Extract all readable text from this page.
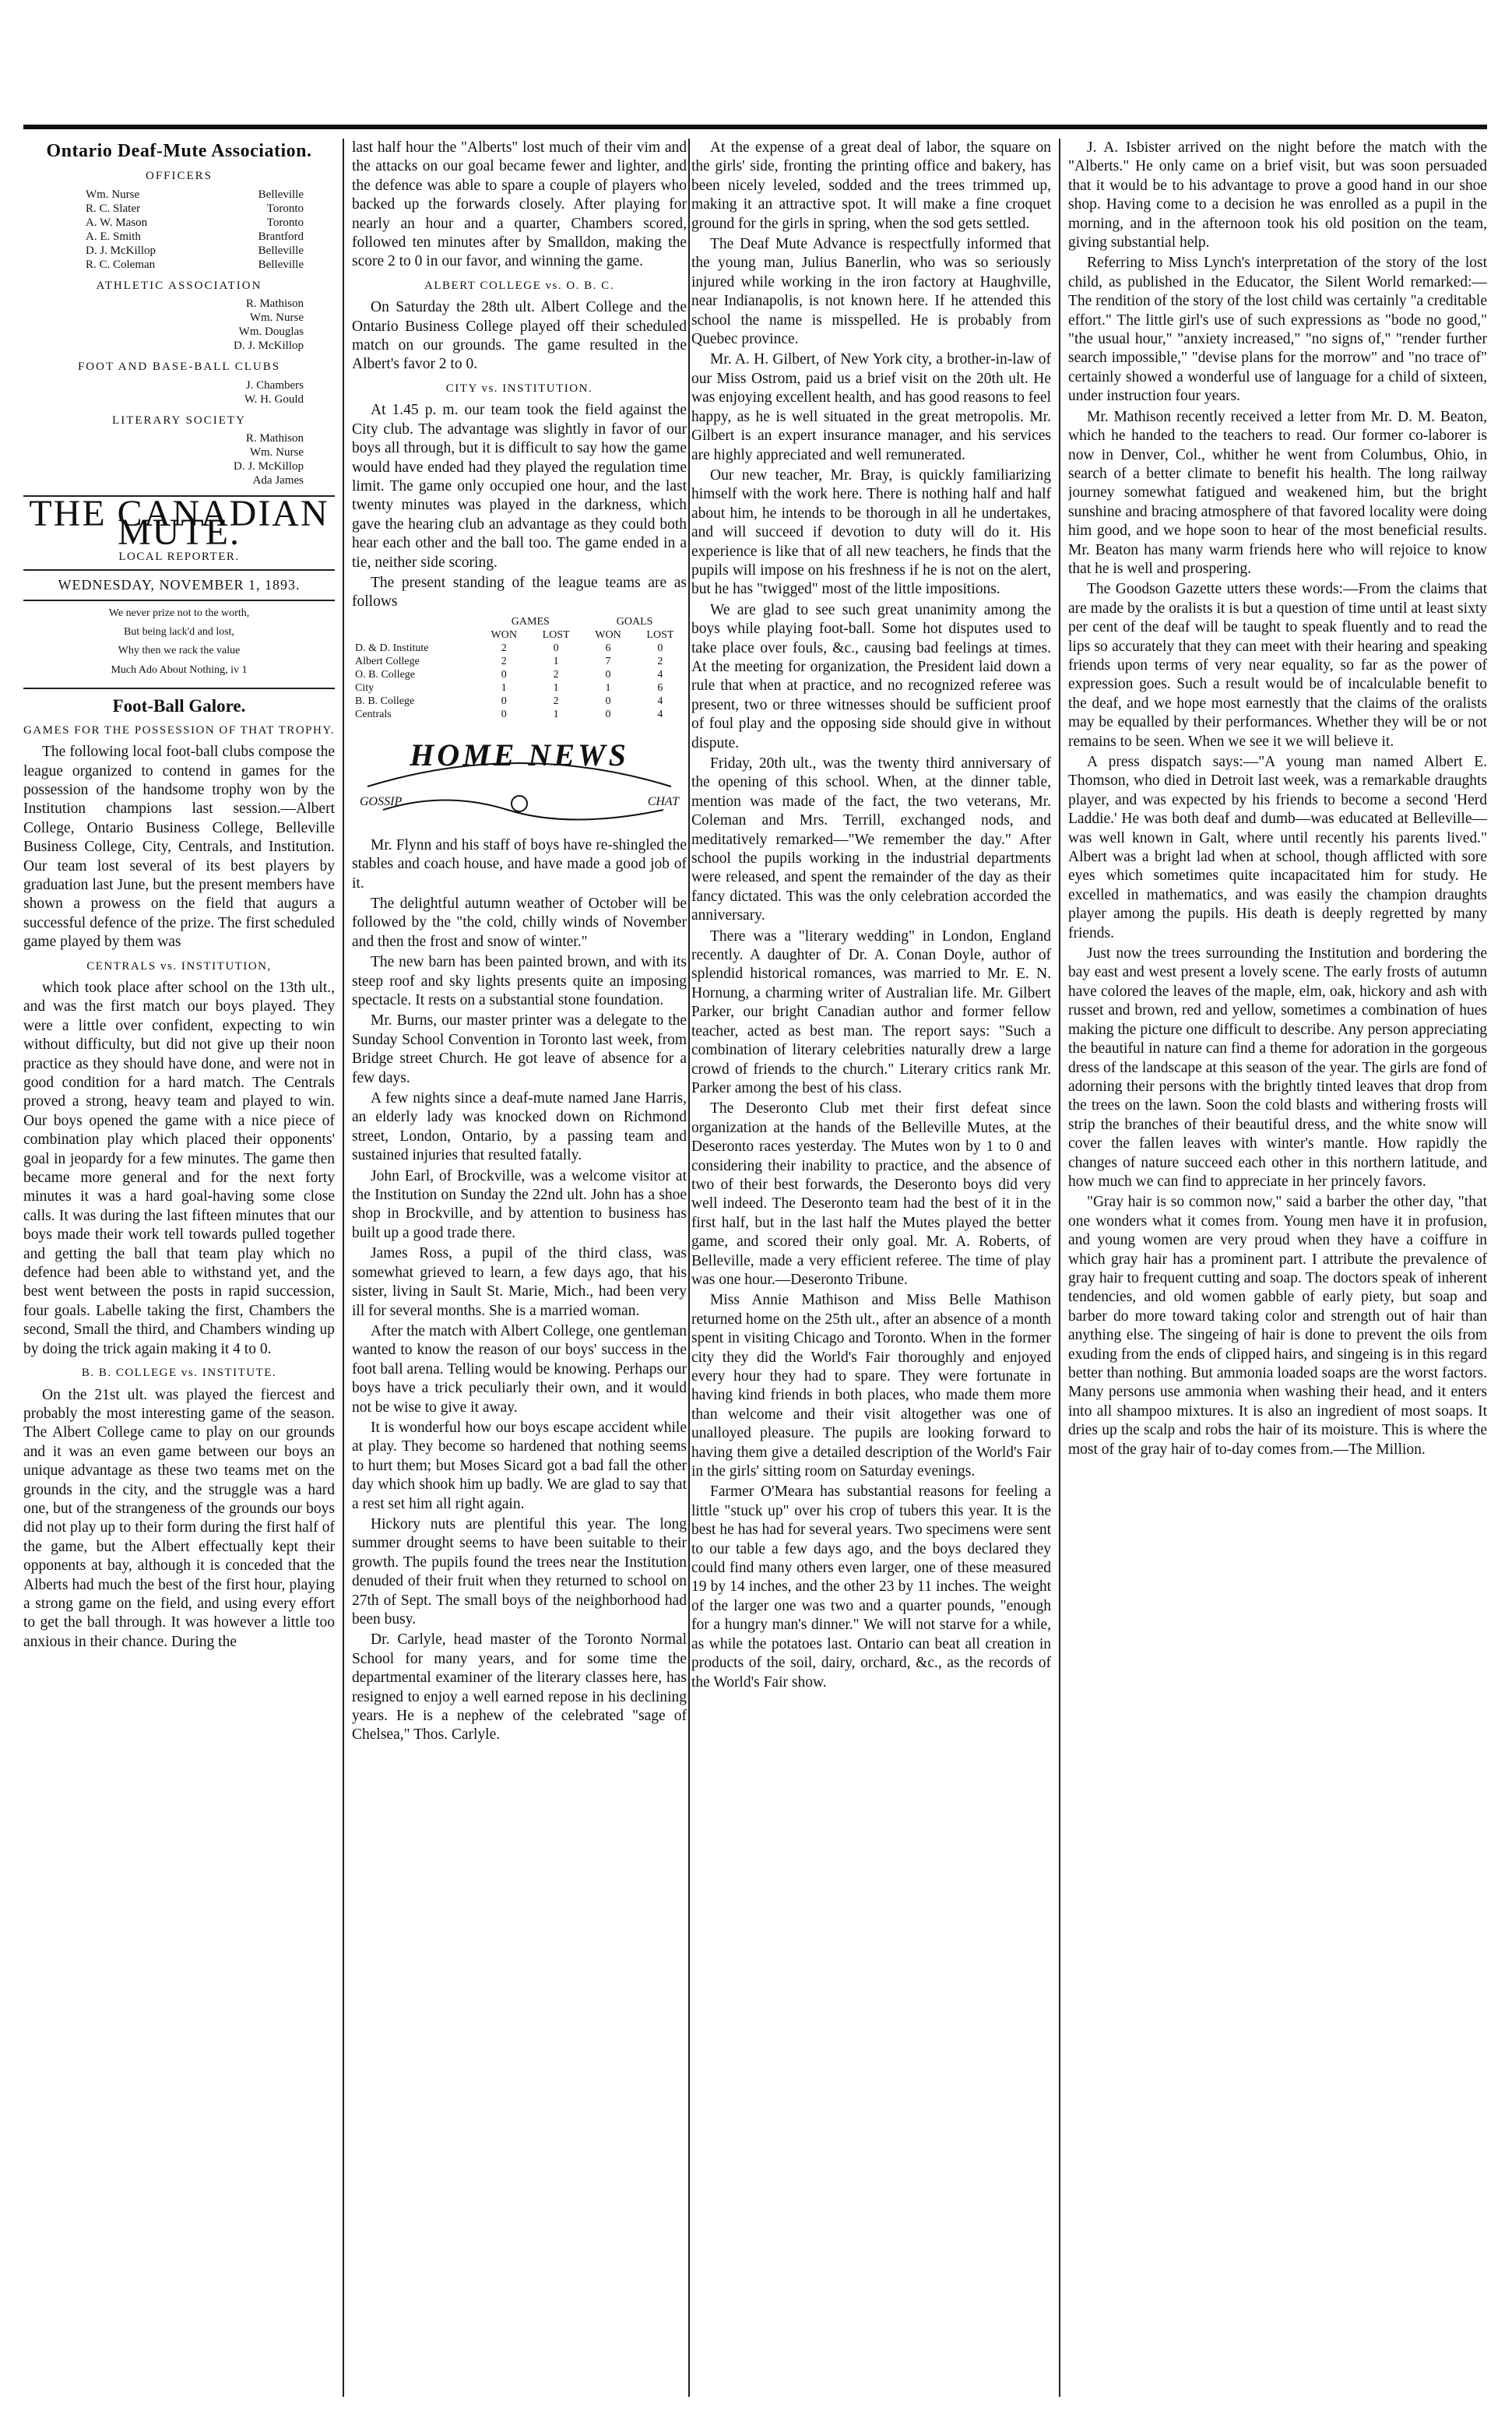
Ontario Deaf-Mute Association.
OFFICERS
Wm. Nurse	Belleville
R. C. Slater	Toronto
A. W. Mason	Toronto
A. E. Smith	Brantford
D. J. McKillop	Belleville
R. C. Coleman	Belleville
ATHLETIC ASSOCIATION
R. Mathison
Wm. Nurse
Wm. Douglas
D. J. McKillop
FOOT AND BASE-BALL CLUBS
J. Chambers
W. H. Gould
LITERARY SOCIETY
R. Mathison
Wm. Nurse
D. J. McKillop
Ada James
THE CANADIAN MUTE.
LOCAL REPORTER.
WEDNESDAY, NOVEMBER 1, 1893.
We never prize not to the worth,
But being lack'd and lost,
Why then we rack the value
Much Ado About Nothing, iv 1
Foot-Ball Galore.
GAMES FOR THE POSSESSION OF THAT TROPHY.

The following local foot-ball clubs compose the league organized to contend in games for the possession of the handsome trophy won by the Institution champions last session.—Albert College, Ontario Business College, Belleville Business College, City, Centrals, and Institution. Our team lost several of its best players by graduation last June, but the present members have shown a prowess on the field that augurs a successful defence of the prize. The first scheduled game played by them was

CENTRALS vs. INSTITUTION,

which took place after school on the 13th ult., and was the first match our boys played. They were a little over confident, expecting to win without difficulty, but did not give up their noon practice as they should have done, and were not in good condition for a hard match. The Centrals proved a strong, heavy team and played to win. Our boys opened the game with a nice piece of combination play which placed their opponents' goal in jeopardy for a few minutes. The game then became more general and for the next forty minutes it was a hard goal-having some close calls. It was during the last fifteen minutes that our boys made their work tell towards pulled together and getting the ball that team play which no defence had been able to withstand yet, and the best went between the posts in rapid succession, four goals. Labelle taking the first, Chambers the second, Small the third, and Chambers winding up by doing the trick again making it 4 to 0.

B. B. COLLEGE vs. INSTITUTE.

On the 21st ult. was played the fiercest and probably the most interesting game of the season. The Albert College came to play on our grounds and it was an even game between our boys an unique advantage as these two teams met on the grounds in the city, and the struggle was a hard one, but of the strangeness of the grounds our boys did not play up to their form during the first half of the game, but the Albert effectually kept their opponents at bay, although it is conceded that the Alberts had much the best of the first hour, playing a strong game on the field, and using every effort to get the ball through. It was however a little too anxious in their chance. During the

last half hour the "Alberts" lost much of their vim and the attacks on our goal became fewer and lighter, and the defence was able to spare a couple of players who backed up the forwards closely. After playing for nearly an hour and a quarter, Chambers scored, followed ten minutes after by Smalldon, making the score 2 to 0 in our favor, and winning the game.

ALBERT COLLEGE vs. O. B. C.

On Saturday the 28th ult. Albert College and the Ontario Business College played off their scheduled match on our grounds. The game resulted in the Albert's favor 2 to 0.

CITY vs. INSTITUTION.

At 1.45 p. m. our team took the field against the City club. The advantage was slightly in favor of our boys all through, but it is difficult to say how the game would have ended had they played the regulation time limit. The game only occupied one hour, and the last twenty minutes was played in the darkness, which gave the hearing club an advantage as they could both hear each other and the ball too. The game ended in a tie, neither side scoring.

The present standing of the league teams are as follows

	GAMES		GOALS	
	WON	LOST	WON	LOST
D. & D. Institute	2	0	6	0
Albert College	2	1	7	2
O. B. College	0	2	0	4
City	1	1	1	6
B. B. College	0	2	0	4
Centrals	0	1	0	4
HOME NEWS
GOSSIP	CHAT

Mr. Flynn and his staff of boys have re-shingled the stables and coach house, and have made a good job of it.

The delightful autumn weather of October will be followed by the "the cold, chilly winds of November and then the frost and snow of winter."

The new barn has been painted brown, and with its steep roof and sky lights presents quite an imposing spectacle. It rests on a substantial stone foundation.

Mr. Burns, our master printer was a delegate to the Sunday School Convention in Toronto last week, from Bridge street Church. He got leave of absence for a few days.

A few nights since a deaf-mute named Jane Harris, an elderly lady was knocked down on Richmond street, London, Ontario, by a passing team and sustained injuries that resulted fatally.

John Earl, of Brockville, was a welcome visitor at the Institution on Sunday the 22nd ult. John has a shoe shop in Brockville, and by attention to business has built up a good trade there.

James Ross, a pupil of the third class, was somewhat grieved to learn, a few days ago, that his sister, living in Sault St. Marie, Mich., had been very ill for several months. She is a married woman.

After the match with Albert College, one gentleman wanted to know the reason of our boys' success in the foot ball arena. Telling would be knowing. Perhaps our boys have a trick peculiarly their own, and it would not be wise to give it away.

It is wonderful how our boys escape accident while at play. They become so hardened that nothing seems to hurt them; but Moses Sicard got a bad fall the other day which shook him up badly. We are glad to say that a rest set him all right again.

Hickory nuts are plentiful this year. The long summer drought seems to have been suitable to their growth. The pupils found the trees near the Institution denuded of their fruit when they returned to school on 27th of Sept. The small boys of the neighborhood had been busy.

Dr. Carlyle, head master of the Toronto Normal School for many years, and for some time the departmental examiner of the literary classes here, has resigned to enjoy a well earned repose in his declining years. He is a nephew of the celebrated "sage of Chelsea," Thos. Carlyle.

At the expense of a great deal of labor, the square on the girls' side, fronting the printing office and bakery, has been nicely leveled, sodded and the trees trimmed up, making it an attractive spot. It will make a fine croquet ground for the girls in spring, when the sod gets settled.

The Deaf Mute Advance is respectfully informed that the young man, Julius Banerlin, who was so seriously injured while working in the iron factory at Haughville, near Indianapolis, is not known here. If he attended this school the name is misspelled. He is probably from Quebec province.

Mr. A. H. Gilbert, of New York city, a brother-in-law of our Miss Ostrom, paid us a brief visit on the 20th ult. He was enjoying excellent health, and has good reasons to feel happy, as he is well situated in the great metropolis. Mr. Gilbert is an expert insurance manager, and his services are highly appreciated and well remunerated.

Our new teacher, Mr. Bray, is quickly familiarizing himself with the work here. There is nothing half and half about him, he intends to be thorough in all he undertakes, and will succeed if devotion to duty will do it. His experience is like that of all new teachers, he finds that the pupils will impose on his freshness if he is not on the alert, but he has "twigged" most of the little impositions.

We are glad to see such great unanimity among the boys while playing foot-ball. Some hot disputes used to take place over fouls, &c., causing bad feelings at times. At the meeting for organization, the President laid down a rule that when at practice, and no recognized referee was present, two or three witnesses should be sufficient proof of foul play and the opposing side should give in without dispute.

Friday, 20th ult., was the twenty third anniversary of the opening of this school. When, at the dinner table, mention was made of the fact, the two veterans, Mr. Coleman and Mrs. Terrill, exchanged nods, and meditatively remarked—"We remember the day." After school the pupils working in the industrial departments were released, and spent the remainder of the day as their fancy dictated. This was the only celebration accorded the anniversary.

There was a "literary wedding" in London, England recently. A daughter of Dr. A. Conan Doyle, author of splendid historical romances, was married to Mr. E. N. Hornung, a charming writer of Australian life. Mr. Gilbert Parker, our bright Canadian author and former fellow teacher, acted as best man. The report says: "Such a combination of literary celebrities naturally drew a large crowd of friends to the church." Literary critics rank Mr. Parker among the best of his class.

The Deseronto Club met their first defeat since organization at the hands of the Belleville Mutes, at the Deseronto races yesterday. The Mutes won by 1 to 0 and considering their inability to practice, and the absence of two of their best forwards, the Deseronto boys did very well indeed. The Deseronto team had the best of it in the first half, but in the last half the Mutes played the better game, and scored their only goal. Mr. A. Roberts, of Belleville, made a very efficient referee. The time of play was one hour.—Deseronto Tribune.

Miss Annie Mathison and Miss Belle Mathison returned home on the 25th ult., after an absence of a month spent in visiting Chicago and Toronto. When in the former city they did the World's Fair thoroughly and enjoyed every hour they had to spare. They were fortunate in having kind friends in both places, who made them more than welcome and their visit altogether was one of unalloyed pleasure. The pupils are looking forward to having them give a detailed description of the World's Fair in the girls' sitting room on Saturday evenings.

Farmer O'Meara has substantial reasons for feeling a little "stuck up" over his crop of tubers this year. It is the best he has had for several years. Two specimens were sent to our table a few days ago, and the boys declared they could find many others even larger, one of these measured 19 by 14 inches, and the other 23 by 11 inches. The weight of the larger one was two and a quarter pounds, "enough for a hungry man's dinner." We will not starve for a while, as while the potatoes last. Ontario can beat all creation in products of the soil, dairy, orchard, &c., as the records of the World's Fair show.

J. A. Isbister arrived on the night before the match with the "Alberts." He only came on a brief visit, but was soon persuaded that it would be to his advantage to prove a good hand in our shoe shop. Having come to a decision he was enrolled as a pupil in the morning, and in the afternoon took his old position on the team, giving substantial help.

Referring to Miss Lynch's interpretation of the story of the lost child, as published in the Educator, the Silent World remarked:—The rendition of the story of the lost child was certainly "a creditable effort." The little girl's use of such expressions as "bode no good," "the usual hour," "anxiety increased," "no signs of," "render further search impossible," "devise plans for the morrow" and "no trace of" certainly showed a wonderful use of language for a child of sixteen, under instruction four years.

Mr. Mathison recently received a letter from Mr. D. M. Beaton, which he handed to the teachers to read. Our former co-laborer is now in Denver, Col., whither he went from Columbus, Ohio, in search of a better climate to benefit his health. The long railway journey somewhat fatigued and weakened him, but the bright sunshine and bracing atmosphere of that favored locality were doing him good, and we hope soon to hear of the most beneficial results. Mr. Beaton has many warm friends here who will rejoice to know that he is well and prospering.

The Goodson Gazette utters these words:—From the claims that are made by the oralists it is but a question of time until at least sixty per cent of the deaf will be taught to speak fluently and to read the lips so accurately that they can meet with their hearing and speaking friends upon terms of very near equality, so far as the power of expression goes. Such a result would be of incalculable benefit to the deaf, and we hope most earnestly that the claims of the oralists may be equalled by their performances. Whether they will be or not remains to be seen. When we see it we will believe it.

A press dispatch says:—"A young man named Albert E. Thomson, who died in Detroit last week, was a remarkable draughts player, and was expected by his friends to become a second 'Herd Laddie.' He was both deaf and dumb—was educated at Belleville—was well known in Galt, where until recently his parents lived." Albert was a bright lad when at school, though afflicted with sore eyes which sometimes quite incapacitated him for study. He excelled in mathematics, and was easily the champion draughts player among the pupils. His death is deeply regretted by many friends.

Just now the trees surrounding the Institution and bordering the bay east and west present a lovely scene. The early frosts of autumn have colored the leaves of the maple, elm, oak, hickory and ash with russet and brown, red and yellow, sometimes a combination of hues making the picture one difficult to describe. Any person appreciating the beautiful in nature can find a theme for adoration in the gorgeous dress of the landscape at this season of the year. The girls are fond of adorning their persons with the brightly tinted leaves that drop from the trees on the lawn. Soon the cold blasts and withering frosts will strip the branches of their beautiful dress, and the white snow will cover the fallen leaves with winter's mantle. How rapidly the changes of nature succeed each other in this northern latitude, and how much we can find to appreciate in her princely favors.

"Gray hair is so common now," said a barber the other day, "that one wonders what it comes from. Young men have it in profusion, and young women are very proud when they have a coiffure in which gray hair has a prominent part. I attribute the prevalence of gray hair to frequent cutting and soap. The doctors speak of inherent tendencies, and old women gabble of early piety, but soap and barber do more toward taking color and strength out of hair than anything else. The singeing of hair is done to prevent the oils from exuding from the ends of clipped hairs, and singeing is in this regard better than nothing. But ammonia loaded soaps are the worst factors. Many persons use ammonia when washing their head, and it enters into all shampoo mixtures. It is also an ingredient of most soaps. It dries up the scalp and robs the hair of its moisture. This is where the most of the gray hair of to-day comes from.—The Million.
